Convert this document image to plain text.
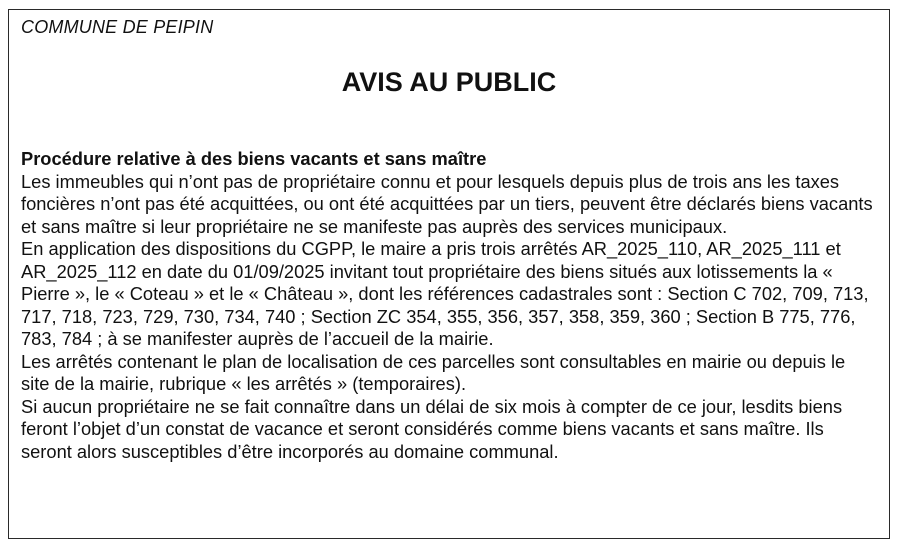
COMMUNE DE PEIPIN
AVIS AU PUBLIC

Procédure relative à des biens vacants et sans maître

Les immeubles qui n’ont pas de propriétaire connu et pour lesquels depuis plus de trois ans les taxes foncières n’ont pas été acquittées, ou ont été acquittées par un tiers, peuvent être déclarés biens vacants et sans maître si leur propriétaire ne se manifeste pas auprès des services municipaux.

En application des dispositions du CGPP, le maire a pris trois arrêtés AR_2025_110, AR_2025_111 et AR_2025_112 en date du 01/09/2025 invitant tout propriétaire des biens situés aux lotissements la « Pierre », le « Coteau » et le « Château », dont les références cadastrales sont : Section C 702, 709, 713, 717, 718, 723, 729, 730, 734, 740 ; Section ZC 354, 355, 356, 357, 358, 359, 360 ; Section B 775, 776, 783, 784 ; à se manifester auprès de l’accueil de la mairie.

Les arrêtés contenant le plan de localisation de ces parcelles sont consultables en mairie ou depuis le site de la mairie, rubrique « les arrêtés » (temporaires).

Si aucun propriétaire ne se fait connaître dans un délai de six mois à compter de ce jour, lesdits biens feront l’objet d’un constat de vacance et seront considérés comme biens vacants et sans maître. Ils seront alors susceptibles d’être incorporés au domaine communal.
